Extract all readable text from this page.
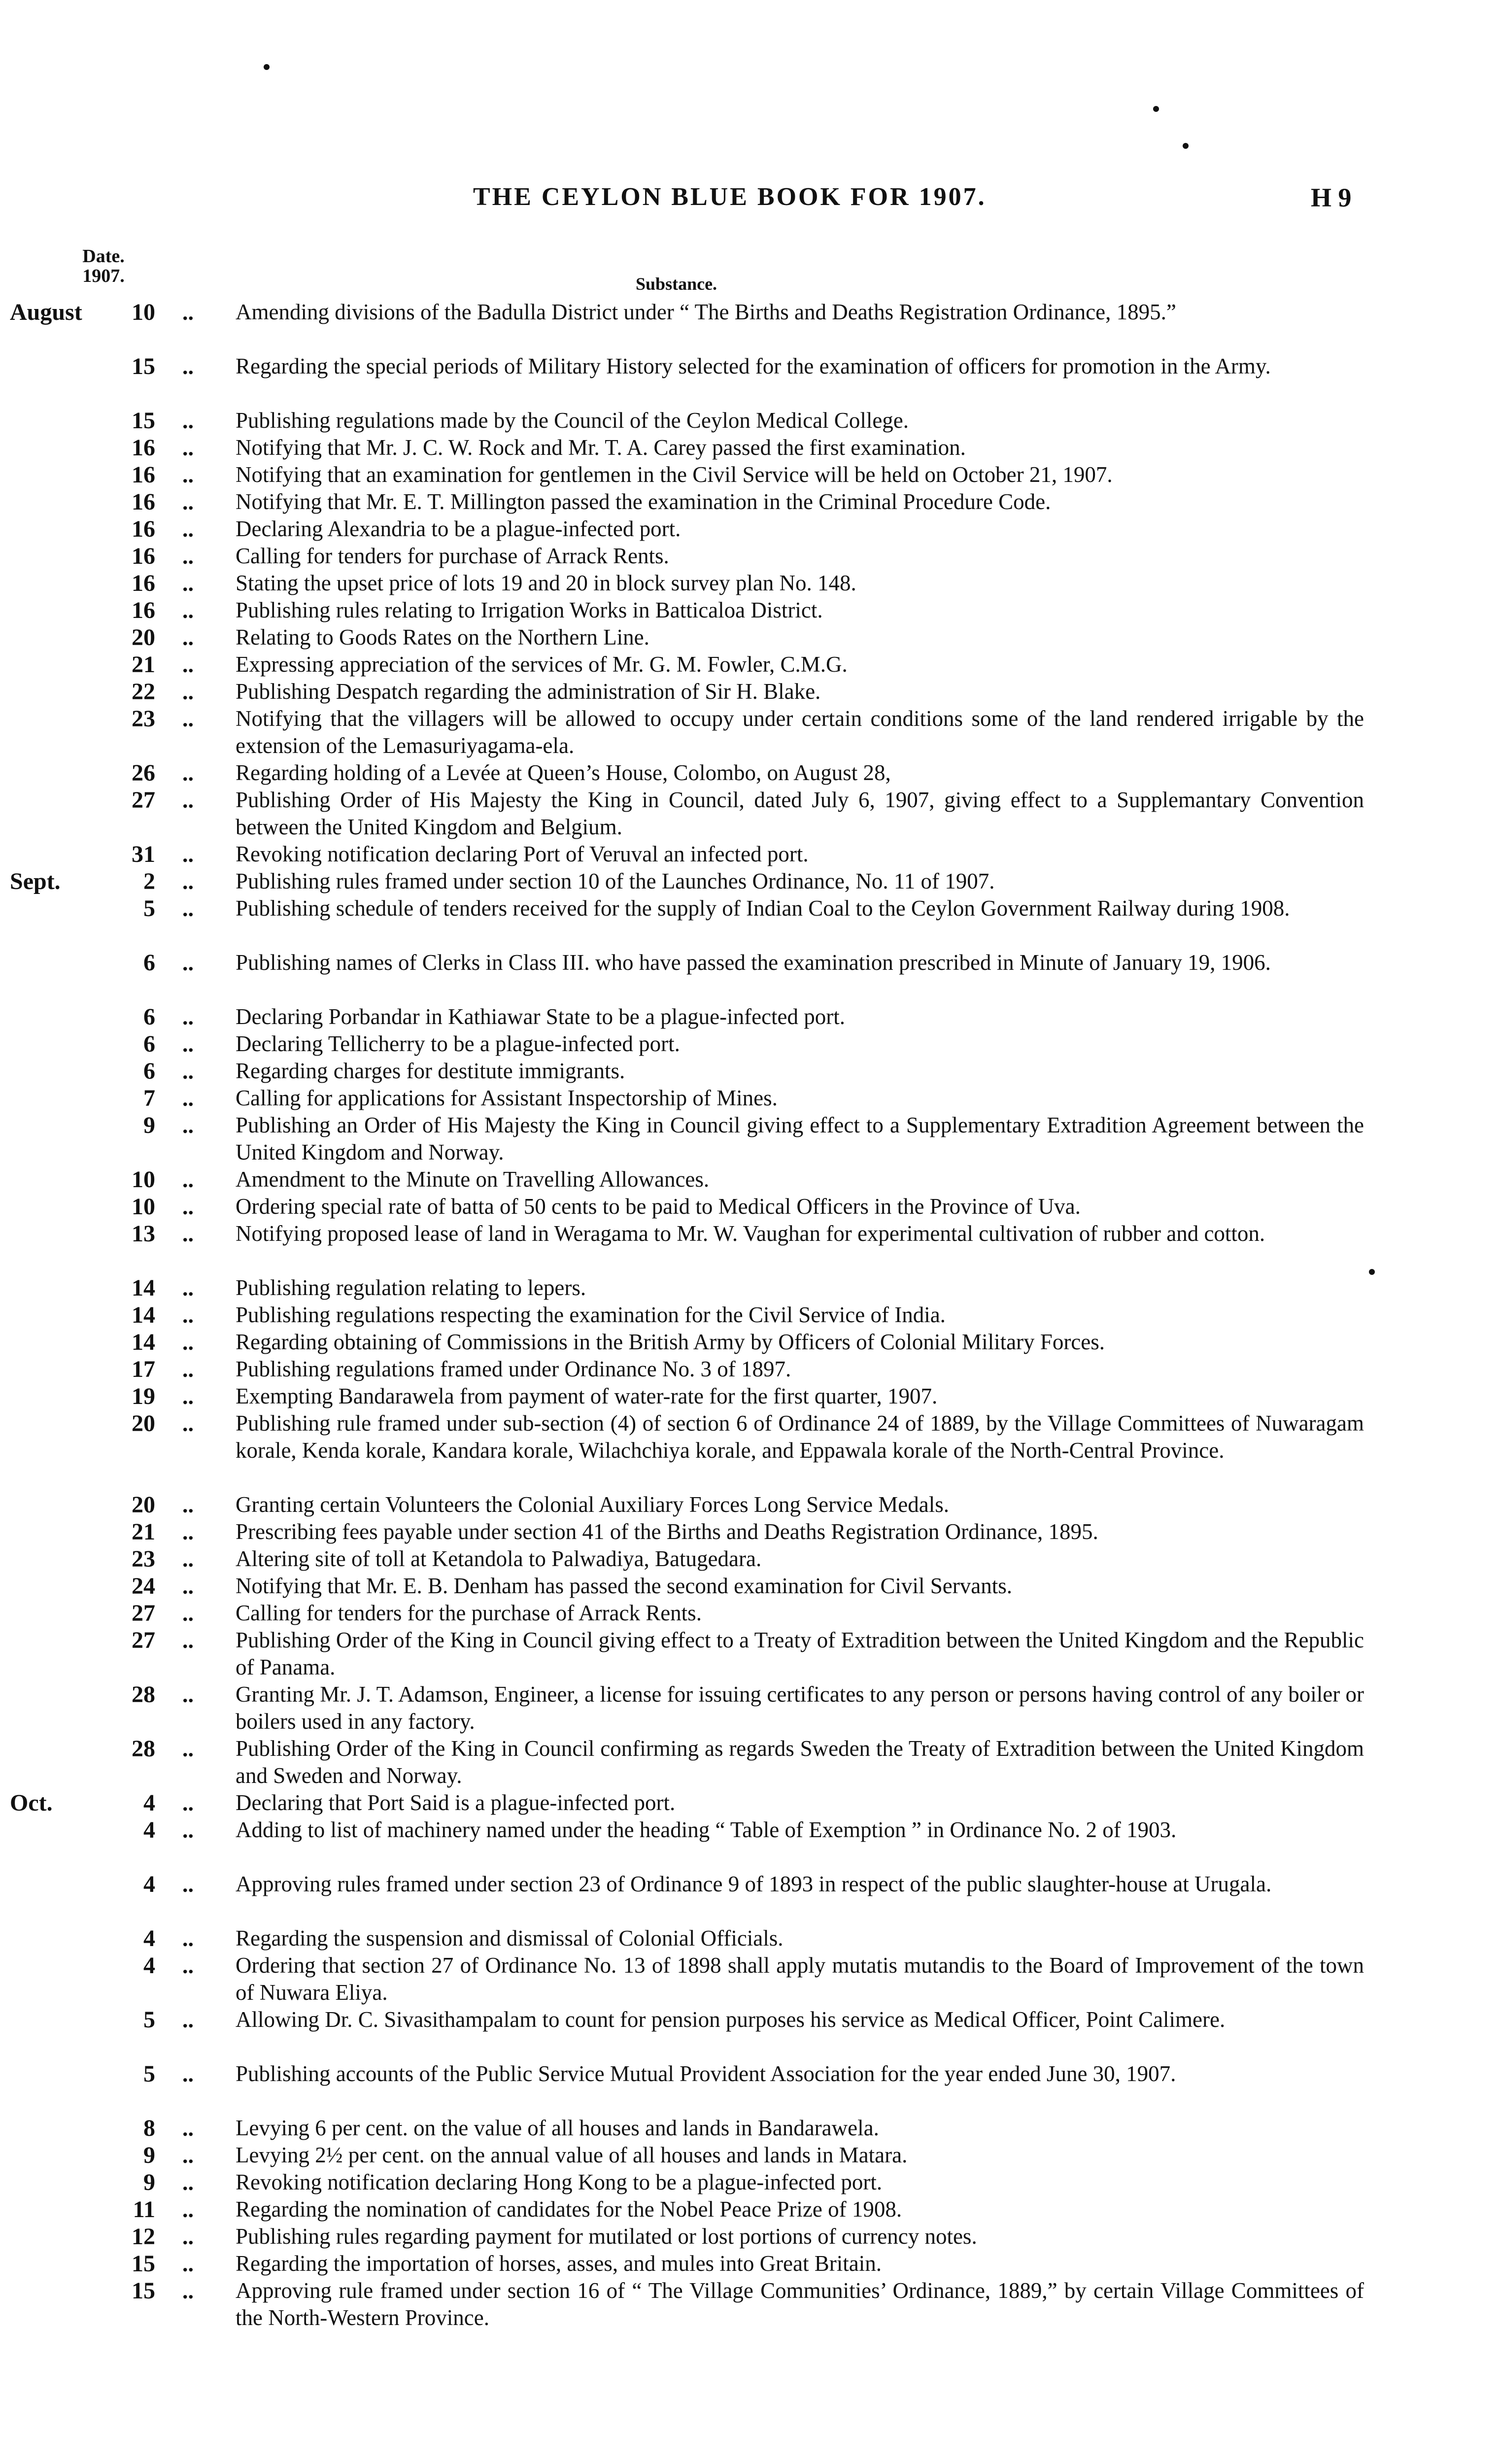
THE CEYLON BLUE BOOK FOR 1907.	H 9
Date.
1907.	Substance.
August	10 .. Amending divisions of the Badulla District under “ The Births and Deaths Registration Ordinance, 1895.”
15 .. Regarding the special periods of Military History selected for the examination of officers for promotion in the Army.
15 .. Publishing regulations made by the Council of the Ceylon Medical College.
16 .. Notifying that Mr. J. C. W. Rock and Mr. T. A. Carey passed the first examination.
16 .. Notifying that an examination for gentlemen in the Civil Service will be held on October 21, 1907.
16 .. Notifying that Mr. E. T. Millington passed the examination in the Criminal Procedure Code.
16 .. Declaring Alexandria to be a plague-infected port.
16 .. Calling for tenders for purchase of Arrack Rents.
16 .. Stating the upset price of lots 19 and 20 in block survey plan No. 148.
16 .. Publishing rules relating to Irrigation Works in Batticaloa District.
20 .. Relating to Goods Rates on the Northern Line.
21 .. Expressing appreciation of the services of Mr. G. M. Fowler, C.M.G.
22 .. Publishing Despatch regarding the administration of Sir H. Blake.
23 .. Notifying that the villagers will be allowed to occupy under certain conditions some of the land rendered irrigable by the extension of the Lemasuriyagama-ela.
26 .. Regarding holding of a Levée at Queen’s House, Colombo, on August 28,
27 .. Publishing Order of His Majesty the King in Council, dated July 6, 1907, giving effect to a Supplemantary Convention between the United Kingdom and Belgium.
31 .. Revoking notification declaring Port of Veruval an infected port.
Sept.	2 .. Publishing rules framed under section 10 of the Launches Ordinance, No. 11 of 1907.
5 .. Publishing schedule of tenders received for the supply of Indian Coal to the Ceylon Government Railway during 1908.
6 .. Publishing names of Clerks in Class III. who have passed the examination prescribed in Minute of January 19, 1906.
6 .. Declaring Porbandar in Kathiawar State to be a plague-infected port.
6 .. Declaring Tellicherry to be a plague-infected port.
6 .. Regarding charges for destitute immigrants.
7 .. Calling for applications for Assistant Inspectorship of Mines.
9 .. Publishing an Order of His Majesty the King in Council giving effect to a Supplementary Extradition Agreement between the United Kingdom and Norway.
10 .. Amendment to the Minute on Travelling Allowances.
10 .. Ordering special rate of batta of 50 cents to be paid to Medical Officers in the Province of Uva.
13 .. Notifying proposed lease of land in Weragama to Mr. W. Vaughan for experimental cultivation of rubber and cotton.
14 .. Publishing regulation relating to lepers.
14 .. Publishing regulations respecting the examination for the Civil Service of India.
14 .. Regarding obtaining of Commissions in the British Army by Officers of Colonial Military Forces.
17 .. Publishing regulations framed under Ordinance No. 3 of 1897.
19 .. Exempting Bandarawela from payment of water-rate for the first quarter, 1907.
20 .. Publishing rule framed under sub-section (4) of section 6 of Ordinance 24 of 1889, by the Village Committees of Nuwaragam korale, Kenda korale, Kandara korale, Wilachchiya korale, and Eppawala korale of the North-Central Province.
20 .. Granting certain Volunteers the Colonial Auxiliary Forces Long Service Medals.
21 .. Prescribing fees payable under section 41 of the Births and Deaths Registration Ordinance, 1895.
23 .. Altering site of toll at Ketandola to Palwadiya, Batugedara.
24 .. Notifying that Mr. E. B. Denham has passed the second examination for Civil Servants.
27 .. Calling for tenders for the purchase of Arrack Rents.
27 .. Publishing Order of the King in Council giving effect to a Treaty of Extradition between the United Kingdom and the Republic of Panama.
28 .. Granting Mr. J. T. Adamson, Engineer, a license for issuing certificates to any person or persons having control of any boiler or boilers used in any factory.
28 .. Publishing Order of the King in Council confirming as regards Sweden the Treaty of Extradition between the United Kingdom and Sweden and Norway.
Oct.	4 .. Declaring that Port Said is a plague-infected port.
4 .. Adding to list of machinery named under the heading “ Table of Exemption ” in Ordinance No. 2 of 1903.
4 .. Approving rules framed under section 23 of Ordinance 9 of 1893 in respect of the public slaughter-house at Urugala.
4 .. Regarding the suspension and dismissal of Colonial Officials.
4 .. Ordering that section 27 of Ordinance No. 13 of 1898 shall apply mutatis mutandis to the Board of Improvement of the town of Nuwara Eliya.
5 .. Allowing Dr. C. Sivasithampalam to count for pension purposes his service as Medical Officer, Point Calimere.
5 .. Publishing accounts of the Public Service Mutual Provident Association for the year ended June 30, 1907.
8 .. Levying 6 per cent. on the value of all houses and lands in Bandarawela.
9 .. Levying 2½ per cent. on the annual value of all houses and lands in Matara.
9 .. Revoking notification declaring Hong Kong to be a plague-infected port.
11 .. Regarding the nomination of candidates for the Nobel Peace Prize of 1908.
12 .. Publishing rules regarding payment for mutilated or lost portions of currency notes.
15 .. Regarding the importation of horses, asses, and mules into Great Britain.
15 .. Approving rule framed under section 16 of “ The Village Communities’ Ordinance, 1889,” by certain Village Committees of the North-Western Province.
